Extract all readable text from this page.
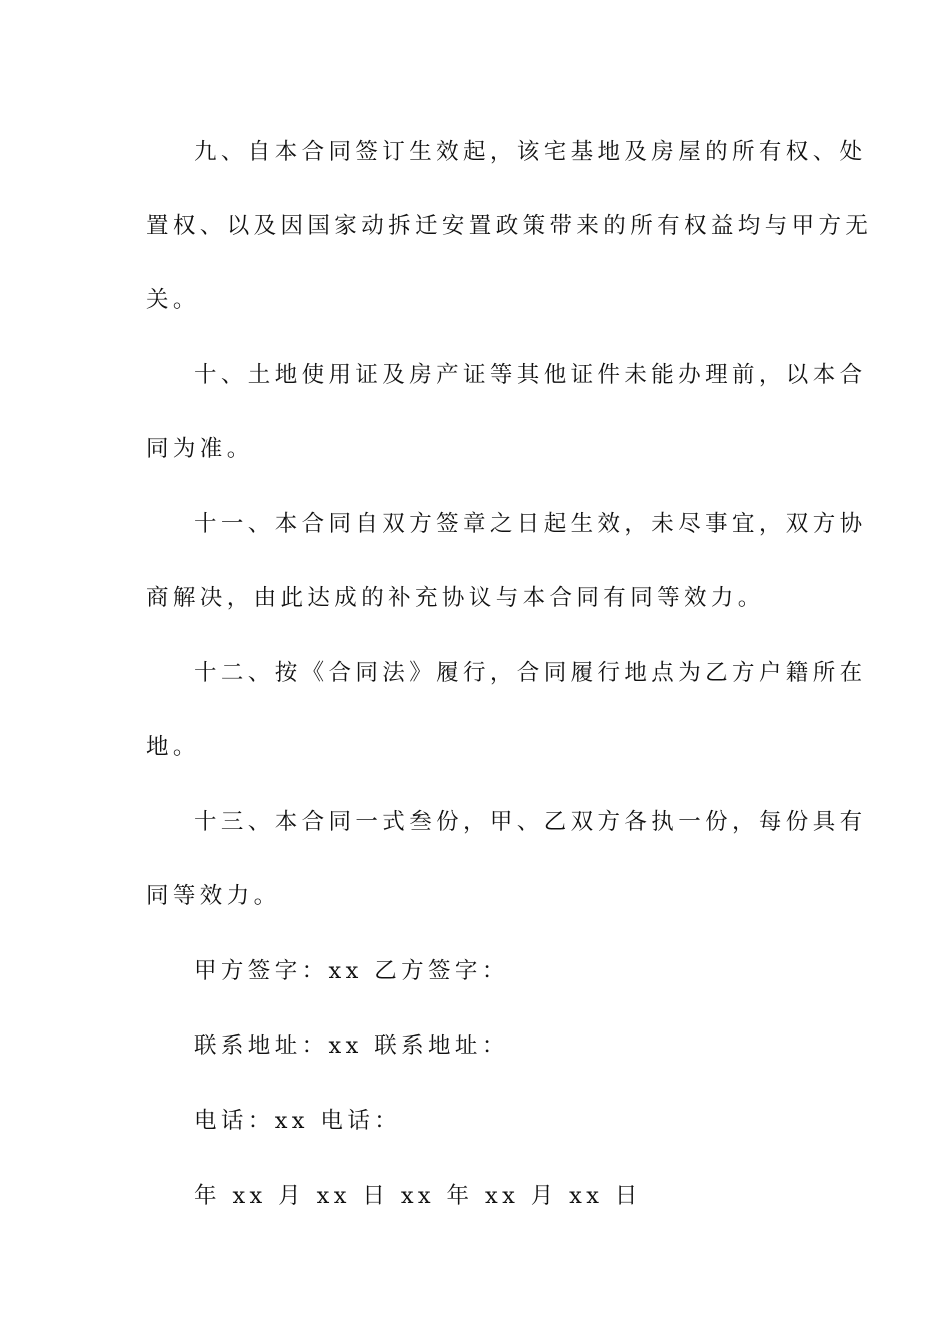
九、自本合同签订生效起，该宅基地及房屋的所有权、处
置权、以及因国家动拆迁安置政策带来的所有权益均与甲方无
关。
十、土地使用证及房产证等其他证件未能办理前，以本合
同为准。
十一、本合同自双方签章之日起生效，未尽事宜，双方协
商解决，由此达成的补充协议与本合同有同等效力。
十二、按《合同法》履行，合同履行地点为乙方户籍所在
地。
十三、本合同一式叁份，甲、乙双方各执一份，每份具有
同等效力。
甲方签字：xx 乙方签字：
联系地址：xx 联系地址：
电话：xx 电话：
年 xx 月 xx 日 xx 年 xx 月 xx 日
